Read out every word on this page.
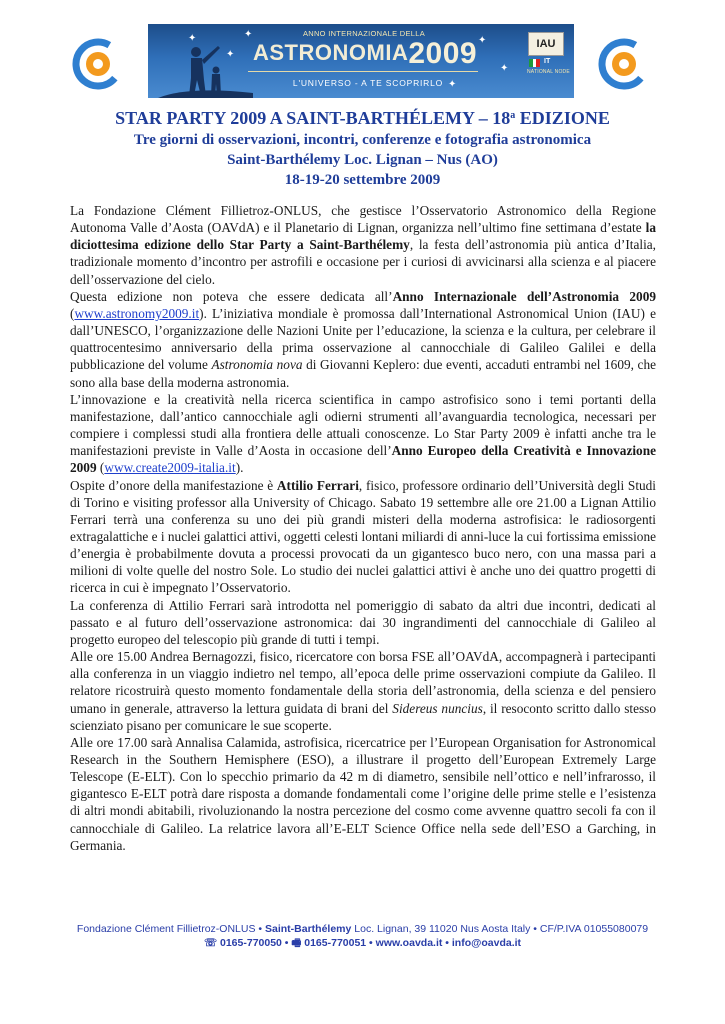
✦
✦
✦
✦
✦
✦	ANNO INTERNAZIONALE DELLA
ASTRONOMIA2009
L'UNIVERSO - A TE SCOPRIRLO
IAU
IT
NATIONAL NODE
STAR PARTY 2009 A SAINT-BARTHÉLEMY – 18$^a$ EDIZIONE
Tre giorni di osservazioni, incontri, conferenze e fotografia astronomica
Saint-Barthélemy Loc. Lignan – Nus (AO)
18-19-20 settembre 2009

La Fondazione Clément Fillietroz-ONLUS, che gestisce l’Osservatorio Astronomico della Regione Autonoma Valle d’Aosta (OAVdA) e il Planetario di Lignan, organizza nell’ultimo fine settimana d’estate la diciottesima edizione dello Star Party a Saint-Barthélemy, la festa dell’astronomia più antica d’Italia, tradizionale momento d’incontro per astrofili e occasione per i curiosi di avvicinarsi alla scienza e al piacere dell’osservazione del cielo.

Questa edizione non poteva che essere dedicata all’Anno Internazionale dell’Astronomia 2009 (www.astronomy2009.it). L’iniziativa mondiale è promossa dall’International Astronomical Union (IAU) e dall’UNESCO, l’organizzazione delle Nazioni Unite per l’educazione, la scienza e la cultura, per celebrare il quattrocentesimo anniversario della prima osservazione al cannocchiale di Galileo Galilei e della pubblicazione del volume Astronomia nova di Giovanni Keplero: due eventi, accaduti entrambi nel 1609, che sono alla base della moderna astronomia.

L’innovazione e la creatività nella ricerca scientifica in campo astrofisico sono i temi portanti della manifestazione, dall’antico cannocchiale agli odierni strumenti all’avanguardia tecnologica, necessari per compiere i complessi studi alla frontiera delle attuali conoscenze. Lo Star Party 2009 è infatti anche tra le manifestazioni previste in Valle d’Aosta in occasione dell’Anno Europeo della Creatività e Innovazione 2009 (www.create2009-italia.it).

Ospite d’onore della manifestazione è Attilio Ferrari, fisico, professore ordinario dell’Università degli Studi di Torino e visiting professor alla University of Chicago. Sabato 19 settembre alle ore 21.00 a Lignan Attilio Ferrari terrà una conferenza su uno dei più grandi misteri della moderna astrofisica: le radiosorgenti extragalattiche e i nuclei galattici attivi, oggetti celesti lontani miliardi di anni-luce la cui fortissima emissione d’energia è probabilmente dovuta a processi provocati da un gigantesco buco nero, con una massa pari a milioni di volte quelle del nostro Sole. Lo studio dei nuclei galattici attivi è anche uno dei quattro progetti di ricerca in cui è impegnato l’Osservatorio.

La conferenza di Attilio Ferrari sarà introdotta nel pomeriggio di sabato da altri due incontri, dedicati al passato e al futuro dell’osservazione astronomica: dai 30 ingrandimenti del cannocchiale di Galileo al progetto europeo del telescopio più grande di tutti i tempi.

Alle ore 15.00 Andrea Bernagozzi, fisico, ricercatore con borsa FSE all’OAVdA, accompagnerà i partecipanti alla conferenza in un viaggio indietro nel tempo, all’epoca delle prime osservazioni compiute da Galileo. Il relatore ricostruirà questo momento fondamentale della storia dell’astronomia, della scienza e del pensiero umano in generale, attraverso la lettura guidata di brani del Sidereus nuncius, il resoconto scritto dallo stesso scienziato pisano per comunicare le sue scoperte.

Alle ore 17.00 sarà Annalisa Calamida, astrofisica, ricercatrice per l’European Organisation for Astronomical Research in the Southern Hemisphere (ESO), a illustrare il progetto dell’European Extremely Large Telescope (E-ELT). Con lo specchio primario da 42 m di diametro, sensibile nell’ottico e nell’infrarosso, il gigantesco E-ELT potrà dare risposta a domande fondamentali come l’origine delle prime stelle e l’esistenza di altri mondi abitabili, rivoluzionando la nostra percezione del cosmo come avvenne quattro secoli fa con il cannocchiale di Galileo. La relatrice lavora all’E-ELT Science Office nella sede dell’ESO a Garching, in Germania.

Fondazione Clément Fillietroz-ONLUS • Saint-Barthélemy Loc. Lignan, 39 11020 Nus Aosta Italy • CF/P.IVA 01055080079
☏ 0165-770050 • 🖷 0165-770051 • www.oavda.it • info@oavda.it
